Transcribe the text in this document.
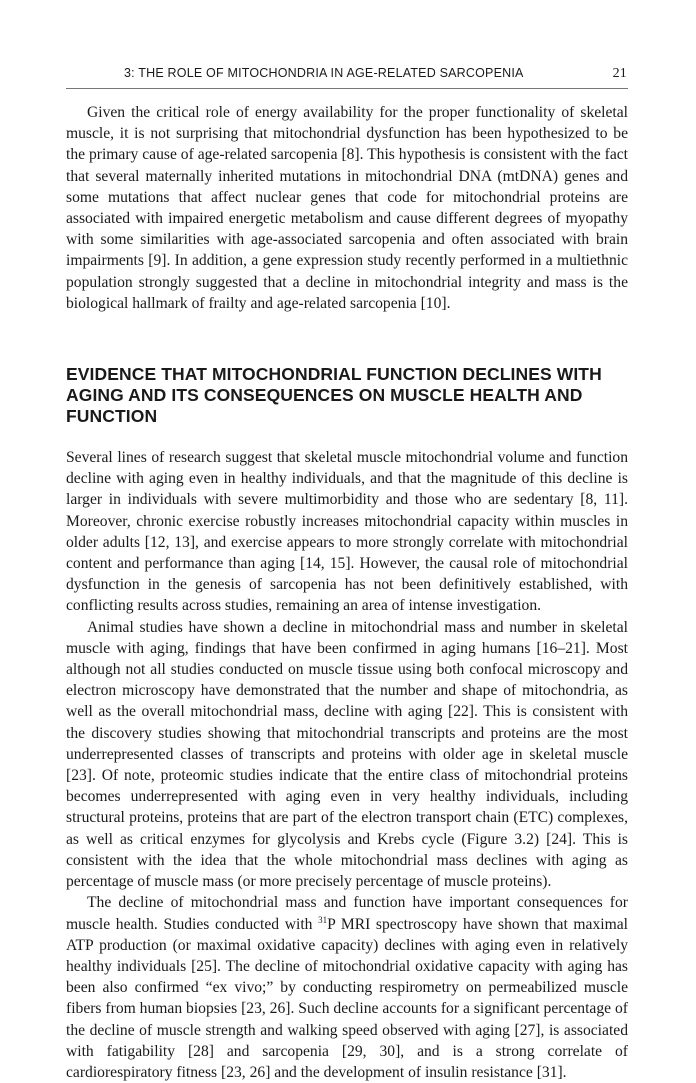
3: THE ROLE OF MITOCHONDRIA IN AGE-RELATED SARCOPENIA	21

Given the critical role of energy availability for the proper functionality of skeletal muscle, it is not surprising that mitochondrial dysfunction has been hypothesized to be the primary cause of age-related sarcopenia [8]. This hypothesis is consistent with the fact that several maternally inherited mutations in mitochondrial DNA (mtDNA) genes and some mutations that affect nuclear genes that code for mitochondrial proteins are associated with impaired energetic metabolism and cause different degrees of myopathy with some similarities with age-associated sarcopenia and often associated with brain impairments [9]. In addition, a gene expression study recently performed in a multiethnic population strongly suggested that a decline in mitochondrial integrity and mass is the biological hallmark of frailty and age-related sarcopenia [10].

EVIDENCE THAT MITOCHONDRIAL FUNCTION DECLINES WITH AGING AND ITS CONSEQUENCES ON MUSCLE HEALTH AND FUNCTION

Several lines of research suggest that skeletal muscle mitochondrial volume and function decline with aging even in healthy individuals, and that the magnitude of this decline is larger in individuals with severe multimorbidity and those who are sedentary [8, 11]. Moreover, chronic exercise robustly increases mitochondrial capacity within muscles in older adults [12, 13], and exercise appears to more strongly correlate with mitochondrial content and performance than aging [14, 15]. However, the causal role of mitochondrial dysfunction in the genesis of sarcopenia has not been definitively established, with conflicting results across studies, remaining an area of intense investigation.

Animal studies have shown a decline in mitochondrial mass and number in skeletal muscle with aging, findings that have been confirmed in aging humans [16–21]. Most although not all studies conducted on muscle tissue using both confocal microscopy and electron microscopy have demonstrated that the number and shape of mitochondria, as well as the overall mitochondrial mass, decline with aging [22]. This is consistent with the discovery studies showing that mitochondrial transcripts and proteins are the most underrepresented classes of transcripts and proteins with older age in skeletal muscle [23]. Of note, proteomic studies indicate that the entire class of mitochondrial proteins becomes underrepresented with aging even in very healthy individuals, including structural proteins, proteins that are part of the electron transport chain (ETC) complexes, as well as critical enzymes for glycolysis and Krebs cycle (Figure 3.2) [24]. This is consistent with the idea that the whole mitochondrial mass declines with aging as percentage of muscle mass (or more precisely percentage of muscle proteins).

The decline of mitochondrial mass and function have important consequences for muscle health. Studies conducted with $^{31}$P MRI spectroscopy have shown that maximal ATP production (or maximal oxidative capacity) declines with aging even in relatively healthy individuals [25]. The decline of mitochondrial oxidative capacity with aging has been also confirmed “ex vivo;” by conducting respirometry on permeabilized muscle fibers from human biopsies [23, 26]. Such decline accounts for a significant percentage of the decline of muscle strength and walking speed observed with aging [27], is associated with fatigability [28] and sarcopenia [29, 30], and is a strong correlate of cardiorespiratory fitness [23, 26] and the development of insulin resistance [31].
